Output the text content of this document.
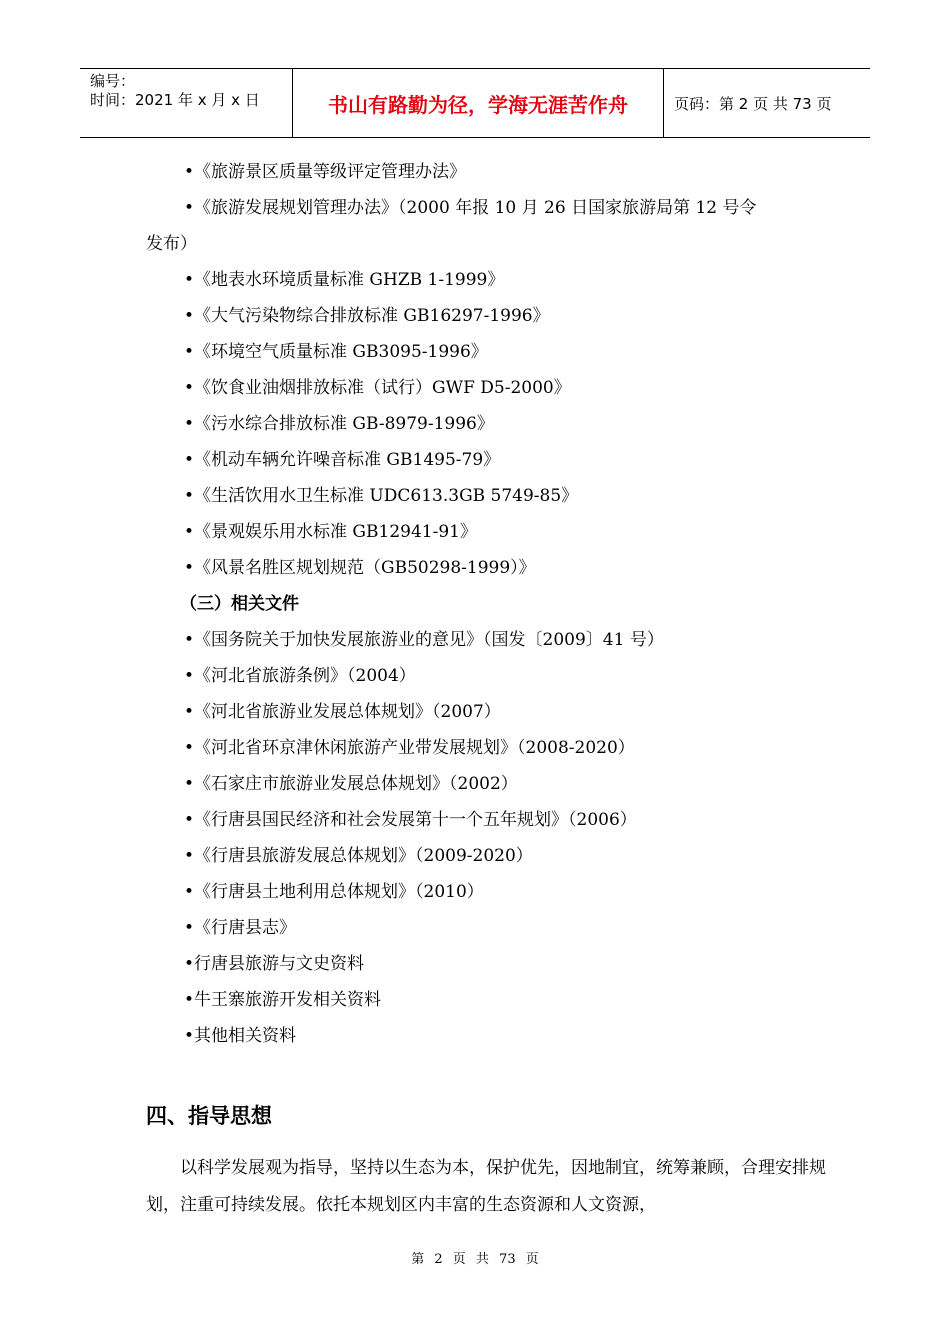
编号：
时间：2021 年 x 月 x 日	书山有路勤为径，学海无涯苦作舟	页码：第 2 页 共 73 页
•《旅游景区质量等级评定管理办法》
•《旅游发展规划管理办法》（2000 年报 10 月 26 日国家旅游局第 12 号令
发布）
•《地表水环境质量标准 GHZB 1-1999》
•《大气污染物综合排放标准 GB16297-1996》
•《环境空气质量标准 GB3095-1996》
•《饮食业油烟排放标准（试行）GWF D5-2000》
•《污水综合排放标准 GB-8979-1996》
•《机动车辆允许噪音标准 GB1495-79》
•《生活饮用水卫生标准 UDC613.3GB 5749-85》
•《景观娱乐用水标准 GB12941-91》
•《风景名胜区规划规范（GB50298-1999）》
（三）相关文件
•《国务院关于加快发展旅游业的意见》（国发〔2009〕41 号）
•《河北省旅游条例》（2004）
•《河北省旅游业发展总体规划》（2007）
•《河北省环京津休闲旅游产业带发展规划》（2008-2020）
•《石家庄市旅游业发展总体规划》（2002）
•《行唐县国民经济和社会发展第十一个五年规划》（2006）
•《行唐县旅游发展总体规划》（2009-2020）
•《行唐县土地利用总体规划》（2010）
•《行唐县志》
•行唐县旅游与文史资料
•牛王寨旅游开发相关资料
•其他相关资料
四、指导思想
以科学发展观为指导，坚持以生态为本，保护优先，因地制宜，统筹兼顾，合理安排规划，注重可持续发展。依托本规划区内丰富的生态资源和人文资源，
第 2 页 共 73 页
